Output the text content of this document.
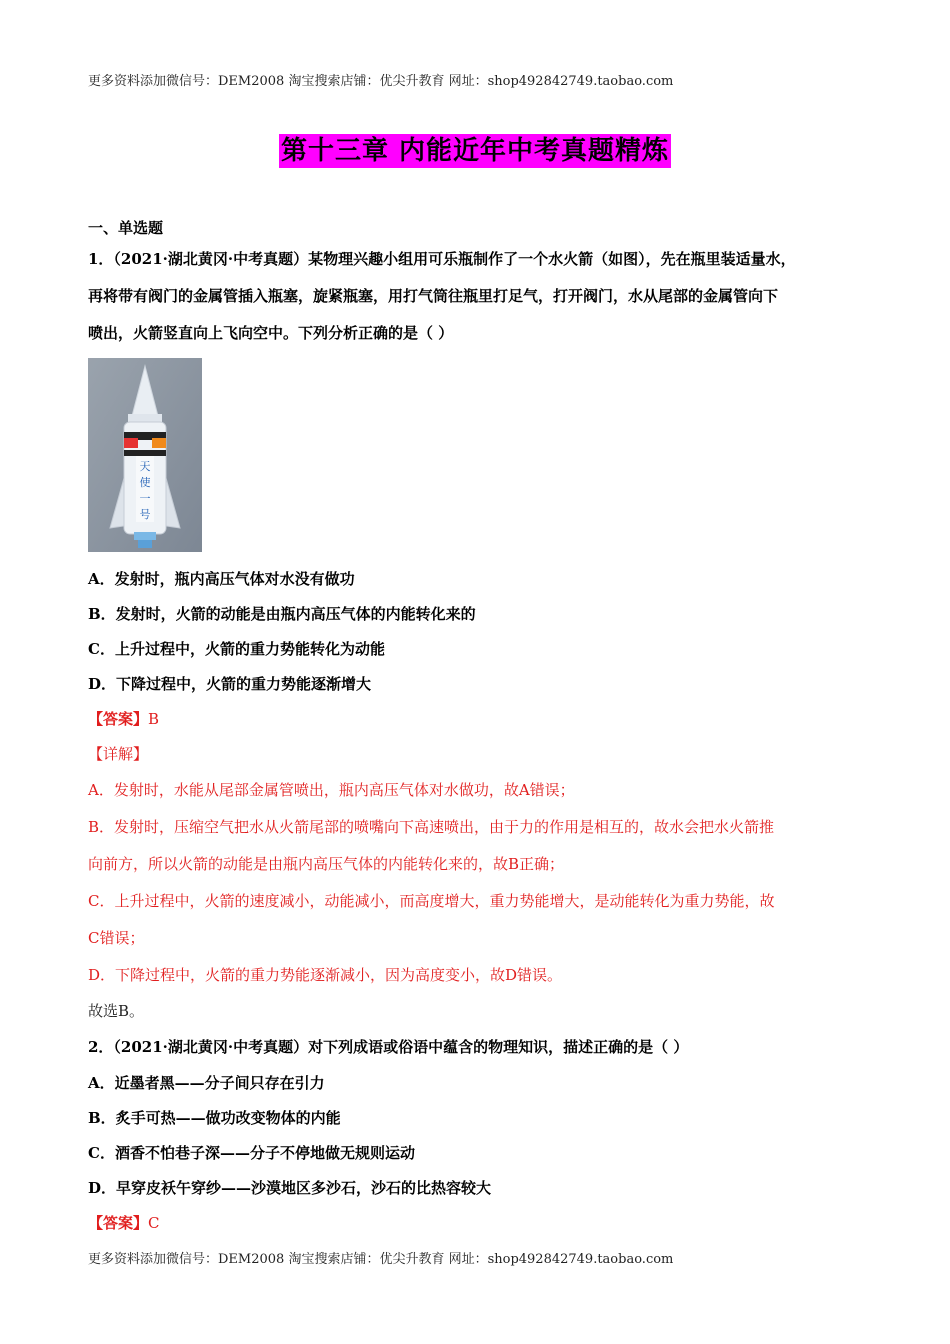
更多资料添加微信号：DEM2008 淘宝搜索店铺：优尖升教育 网址：shop492842749.taobao.com
第十三章 内能近年中考真题精炼
一、单选题
1．（2021·湖北黄冈·中考真题）某物理兴趣小组用可乐瓶制作了一个水火箭（如图），先在瓶里装适量水，
再将带有阀门的金属管插入瓶塞，旋紧瓶塞，用打气筒往瓶里打足气，打开阀门，水从尾部的金属管向下
喷出，火箭竖直向上飞向空中。下列分析正确的是（ ）
天
使
一
号
A．发射时，瓶内高压气体对水没有做功
B．发射时，火箭的动能是由瓶内高压气体的内能转化来的
C．上升过程中，火箭的重力势能转化为动能
D．下降过程中，火箭的重力势能逐渐增大
【答案】B
【详解】
A．发射时，水能从尾部金属管喷出，瓶内高压气体对水做功，故A错误；
B．发射时，压缩空气把水从火箭尾部的喷嘴向下高速喷出，由于力的作用是相互的，故水会把水火箭推
向前方，所以火箭的动能是由瓶内高压气体的内能转化来的，故B正确；
C．上升过程中，火箭的速度减小，动能减小，而高度增大，重力势能增大，是动能转化为重力势能，故
C错误；
D．下降过程中，火箭的重力势能逐渐减小，因为高度变小，故D错误。
故选B。
2．（2021·湖北黄冈·中考真题）对下列成语或俗语中蕴含的物理知识，描述正确的是（ ）
A．近墨者黑——分子间只存在引力
B．炙手可热——做功改变物体的内能
C．酒香不怕巷子深——分子不停地做无规则运动
D．早穿皮袄午穿纱——沙漠地区多沙石，沙石的比热容较大
【答案】C
更多资料添加微信号：DEM2008 淘宝搜索店铺：优尖升教育 网址：shop492842749.taobao.com
